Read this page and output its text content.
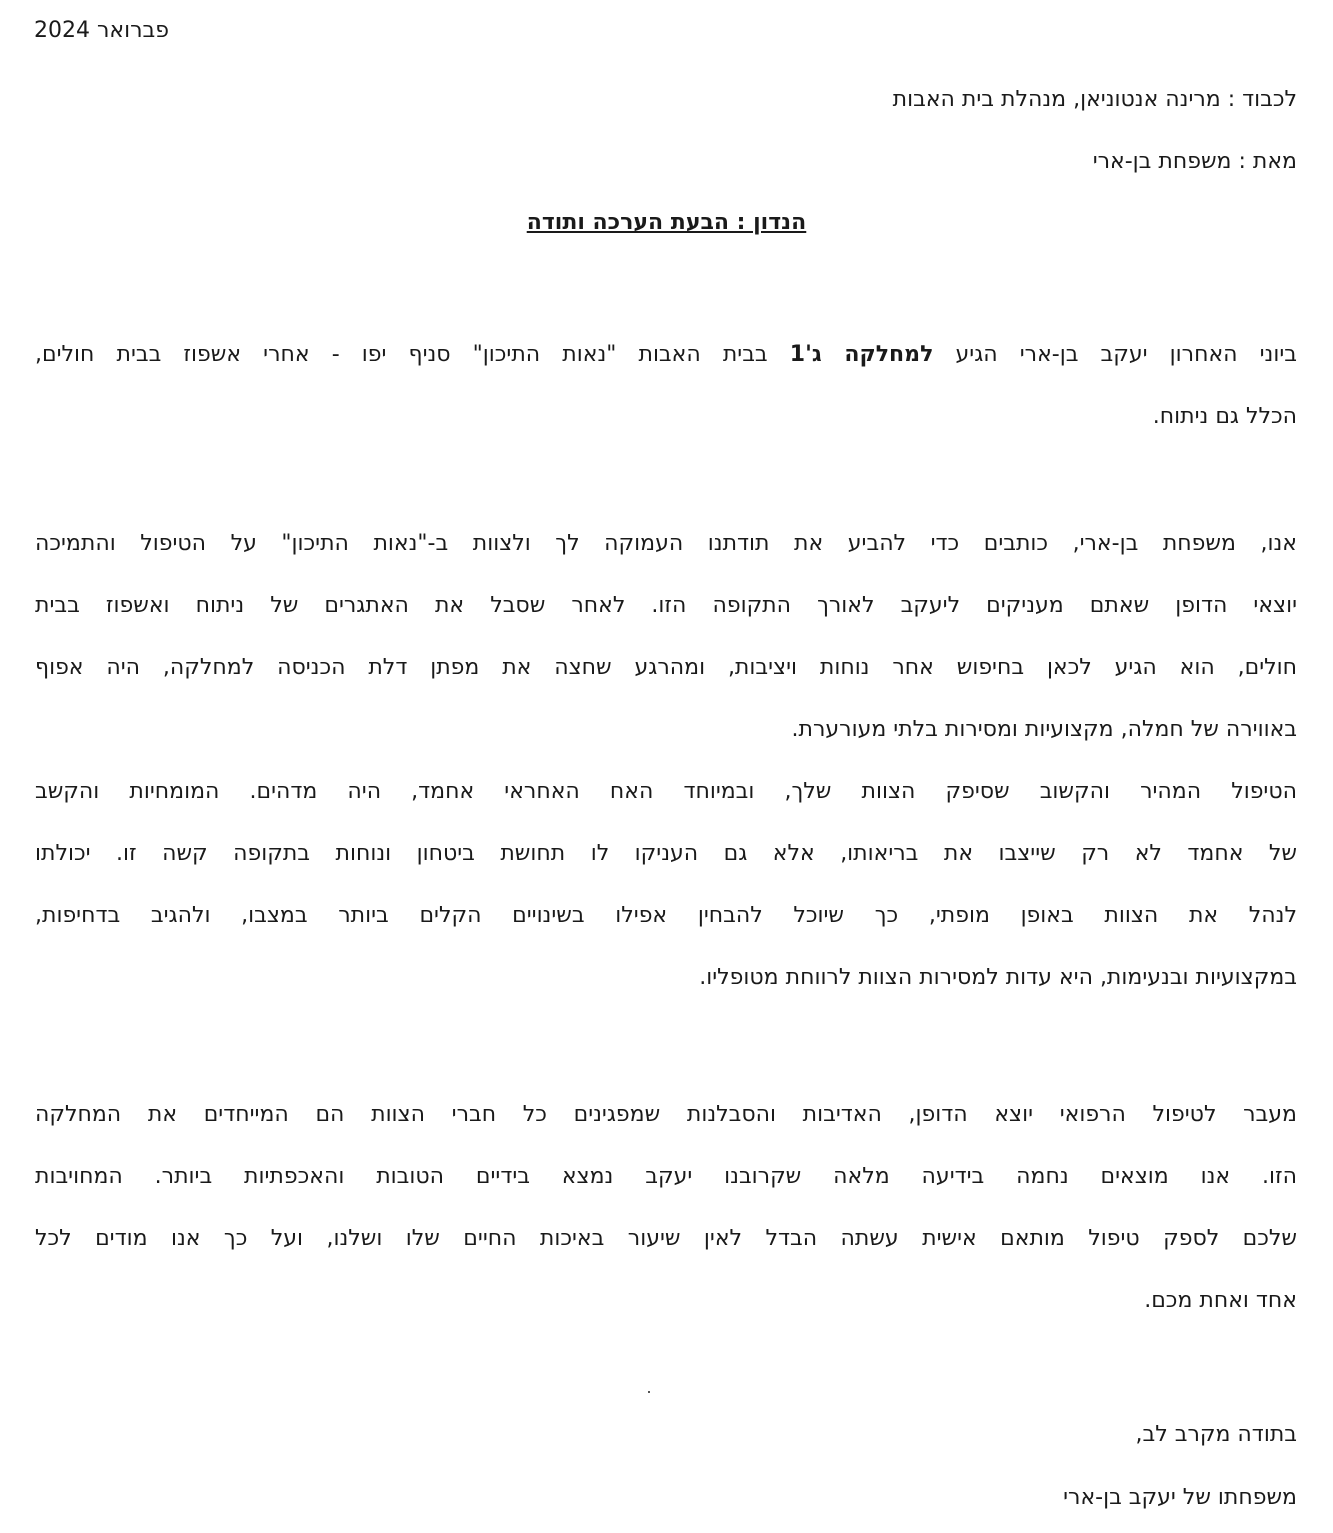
פברואר 2024
לכבוד : מרינה אנטוניאן, מנהלת בית האבות
מאת : משפחת בן-ארי
הנדון : הבעת הערכה ותודה
ביוני האחרון יעקב בן-ארי הגיע למחלקה ג'1 בבית האבות "נאות התיכון" סניף יפו - אחרי אשפוז בבית חולים,
הכלל גם ניתוח.
אנו, משפחת בן-ארי, כותבים כדי להביע את תודתנו העמוקה לך ולצוות ב-"נאות התיכון" על הטיפול והתמיכה
יוצאי הדופן שאתם מעניקים ליעקב לאורך התקופה הזו. לאחר שסבל את האתגרים של ניתוח ואשפוז בבית
חולים, הוא הגיע לכאן בחיפוש אחר נוחות ויציבות, ומהרגע שחצה את מפתן דלת הכניסה למחלקה, היה אפוף
באווירה של חמלה, מקצועיות ומסירות בלתי מעורערת.
הטיפול המהיר והקשוב שסיפק הצוות שלך, ובמיוחד האח האחראי אחמד, היה מדהים. המומחיות והקשב
של אחמד לא רק שייצבו את בריאותו, אלא גם העניקו לו תחושת ביטחון ונוחות בתקופה קשה זו. יכולתו
לנהל את הצוות באופן מופתי, כך שיוכל להבחין אפילו בשינויים הקלים ביותר במצבו, ולהגיב בדחיפות,
במקצועיות ובנעימות, היא עדות למסירות הצוות לרווחת מטופליו.
מעבר לטיפול הרפואי יוצא הדופן, האדיבות והסבלנות שמפגינים כל חברי הצוות הם המייחדים את המחלקה
הזו. אנו מוצאים נחמה בידיעה מלאה שקרובנו יעקב נמצא בידיים הטובות והאכפתיות ביותר. המחויבות
שלכם לספק טיפול מותאם אישית עשתה הבדל לאין שיעור באיכות החיים שלו ושלנו, ועל כך אנו מודים לכל
אחד ואחת מכם.
בתודה מקרב לב,
משפחתו של יעקב בן-ארי
